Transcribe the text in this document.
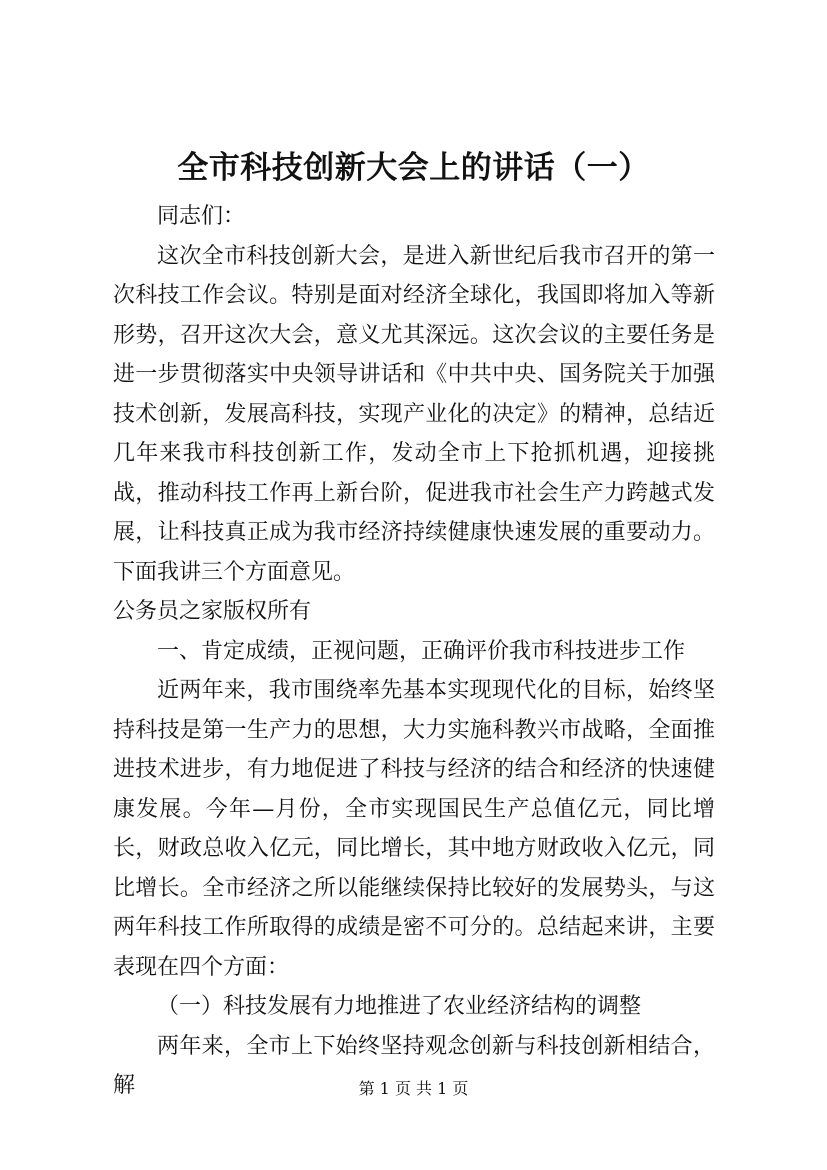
全市科技创新大会上的讲话（一）

同志们：

这次全市科技创新大会，是进入新世纪后我市召开的第一次科技工作会议。特别是面对经济全球化，我国即将加入等新形势，召开这次大会，意义尤其深远。这次会议的主要任务是进一步贯彻落实中央领导讲话和《中共中央、国务院关于加强技术创新，发展高科技，实现产业化的决定》的精神，总结近几年来我市科技创新工作，发动全市上下抢抓机遇，迎接挑战，推动科技工作再上新台阶，促进我市社会生产力跨越式发展，让科技真正成为我市经济持续健康快速发展的重要动力。下面我讲三个方面意见。

公务员之家版权所有

一、肯定成绩，正视问题，正确评价我市科技进步工作

近两年来，我市围绕率先基本实现现代化的目标，始终坚持科技是第一生产力的思想，大力实施科教兴市战略，全面推进技术进步，有力地促进了科技与经济的结合和经济的快速健康发展。今年—月份，全市实现国民生产总值亿元，同比增长，财政总收入亿元，同比增长，其中地方财政收入亿元，同比增长。全市经济之所以能继续保持比较好的发展势头，与这两年科技工作所取得的成绩是密不可分的。总结起来讲，主要表现在四个方面：

（一）科技发展有力地推进了农业经济结构的调整

两年来，全市上下始终坚持观念创新与科技创新相结合，解	第 1 页 共 1 页
